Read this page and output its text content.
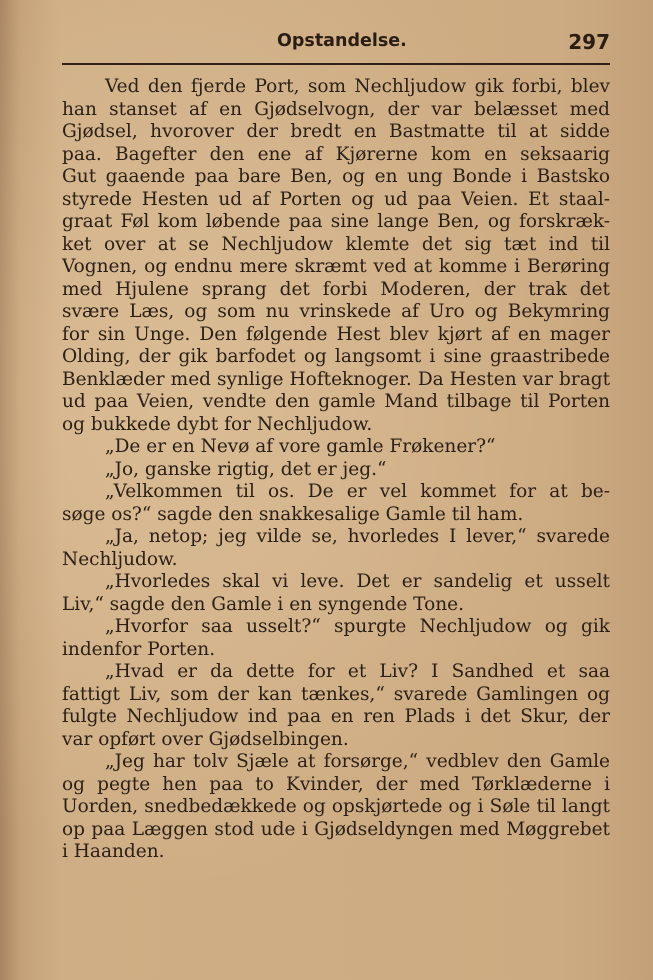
Opstandelse.	297
Ved den fjerde Port, som Nechljudow gik forbi, blev
han stanset af en Gjødselvogn, der var belæsset med
Gjødsel, hvorover der bredt en Bastmatte til at sidde
paa. Bagefter den ene af Kjørerne kom en seksaarig
Gut gaaende paa bare Ben, og en ung Bonde i Bastsko
styrede Hesten ud af Porten og ud paa Veien. Et staal-
graat Føl kom løbende paa sine lange Ben, og forskræk-
ket over at se Nechljudow klemte det sig tæt ind til
Vognen, og endnu mere skræmt ved at komme i Berøring
med Hjulene sprang det forbi Moderen, der trak det
svære Læs, og som nu vrinskede af Uro og Bekymring
for sin Unge. Den følgende Hest blev kjørt af en mager
Olding, der gik barfodet og langsomt i sine graastribede
Benklæder med synlige Hofteknoger. Da Hesten var bragt
ud paa Veien, vendte den gamle Mand tilbage til Porten
og bukkede dybt for Nechljudow.
„De er en Nevø af vore gamle Frøkener?“
„Jo, ganske rigtig, det er jeg.“
„Velkommen til os. De er vel kommet for at be-
søge os?“ sagde den snakkesalige Gamle til ham.
„Ja, netop; jeg vilde se, hvorledes I lever,“ svarede
Nechljudow.
„Hvorledes skal vi leve. Det er sandelig et usselt
Liv,“ sagde den Gamle i en syngende Tone.
„Hvorfor saa usselt?“ spurgte Nechljudow og gik
indenfor Porten.
„Hvad er da dette for et Liv? I Sandhed et saa
fattigt Liv, som der kan tænkes,“ svarede Gamlingen og
fulgte Nechljudow ind paa en ren Plads i det Skur, der
var opført over Gjødselbingen.
„Jeg har tolv Sjæle at forsørge,“ vedblev den Gamle
og pegte hen paa to Kvinder, der med Tørklæderne i
Uorden, snedbedækkede og opskjørtede og i Søle til langt
op paa Læggen stod ude i Gjødseldyngen med Møggrebet
i Haanden.
